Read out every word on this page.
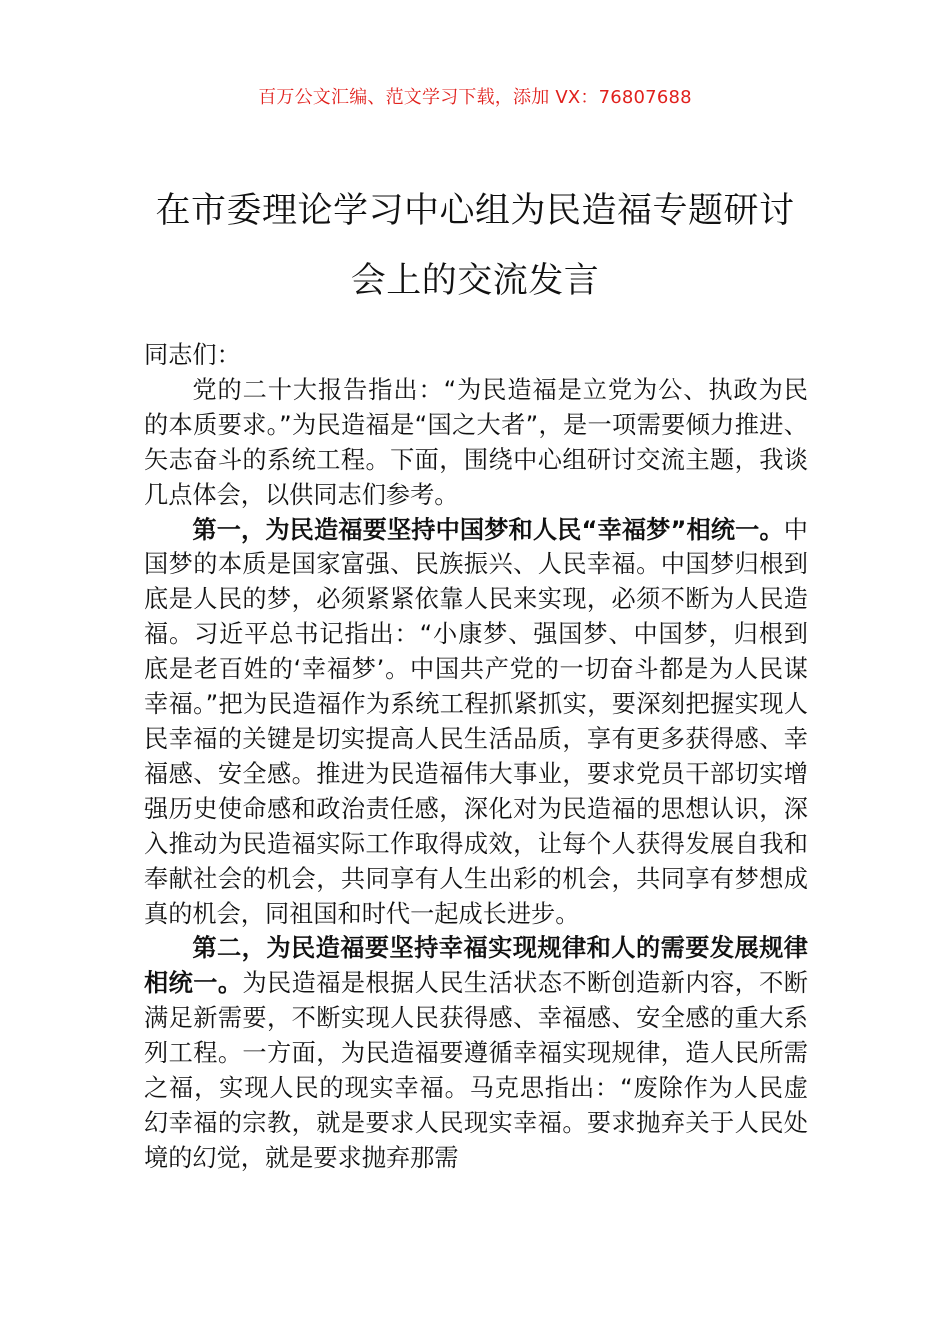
百万公文汇编、范文学习下载，添加 VX：76807688
在市委理论学习中心组为民造福专题研讨
会上的交流发言

同志们：

党的二十大报告指出：“为民造福是立党为公、执政为民的本质要求。”为民造福是“国之大者”，是一项需要倾力推进、矢志奋斗的系统工程。下面，围绕中心组研讨交流主题，我谈几点体会，以供同志们参考。

第一，为民造福要坚持中国梦和人民“幸福梦”相统一。中国梦的本质是国家富强、民族振兴、人民幸福。中国梦归根到底是人民的梦，必须紧紧依靠人民来实现，必须不断为人民造福。习近平总书记指出：“小康梦、强国梦、中国梦，归根到底是老百姓的‘幸福梦’。中国共产党的一切奋斗都是为人民谋幸福。”把为民造福作为系统工程抓紧抓实，要深刻把握实现人民幸福的关键是切实提高人民生活品质，享有更多获得感、幸福感、安全感。推进为民造福伟大事业，要求党员干部切实增强历史使命感和政治责任感，深化对为民造福的思想认识，深入推动为民造福实际工作取得成效，让每个人获得发展自我和奉献社会的机会，共同享有人生出彩的机会，共同享有梦想成真的机会，同祖国和时代一起成长进步。

第二，为民造福要坚持幸福实现规律和人的需要发展规律相统一。为民造福是根据人民生活状态不断创造新内容，不断满足新需要，不断实现人民获得感、幸福感、安全感的重大系列工程。一方面，为民造福要遵循幸福实现规律，造人民所需之福，实现人民的现实幸福。马克思指出：“废除作为人民虚幻幸福的宗教，就是要求人民现实幸福。要求抛弃关于人民处境的幻觉，就是要求抛弃那需
